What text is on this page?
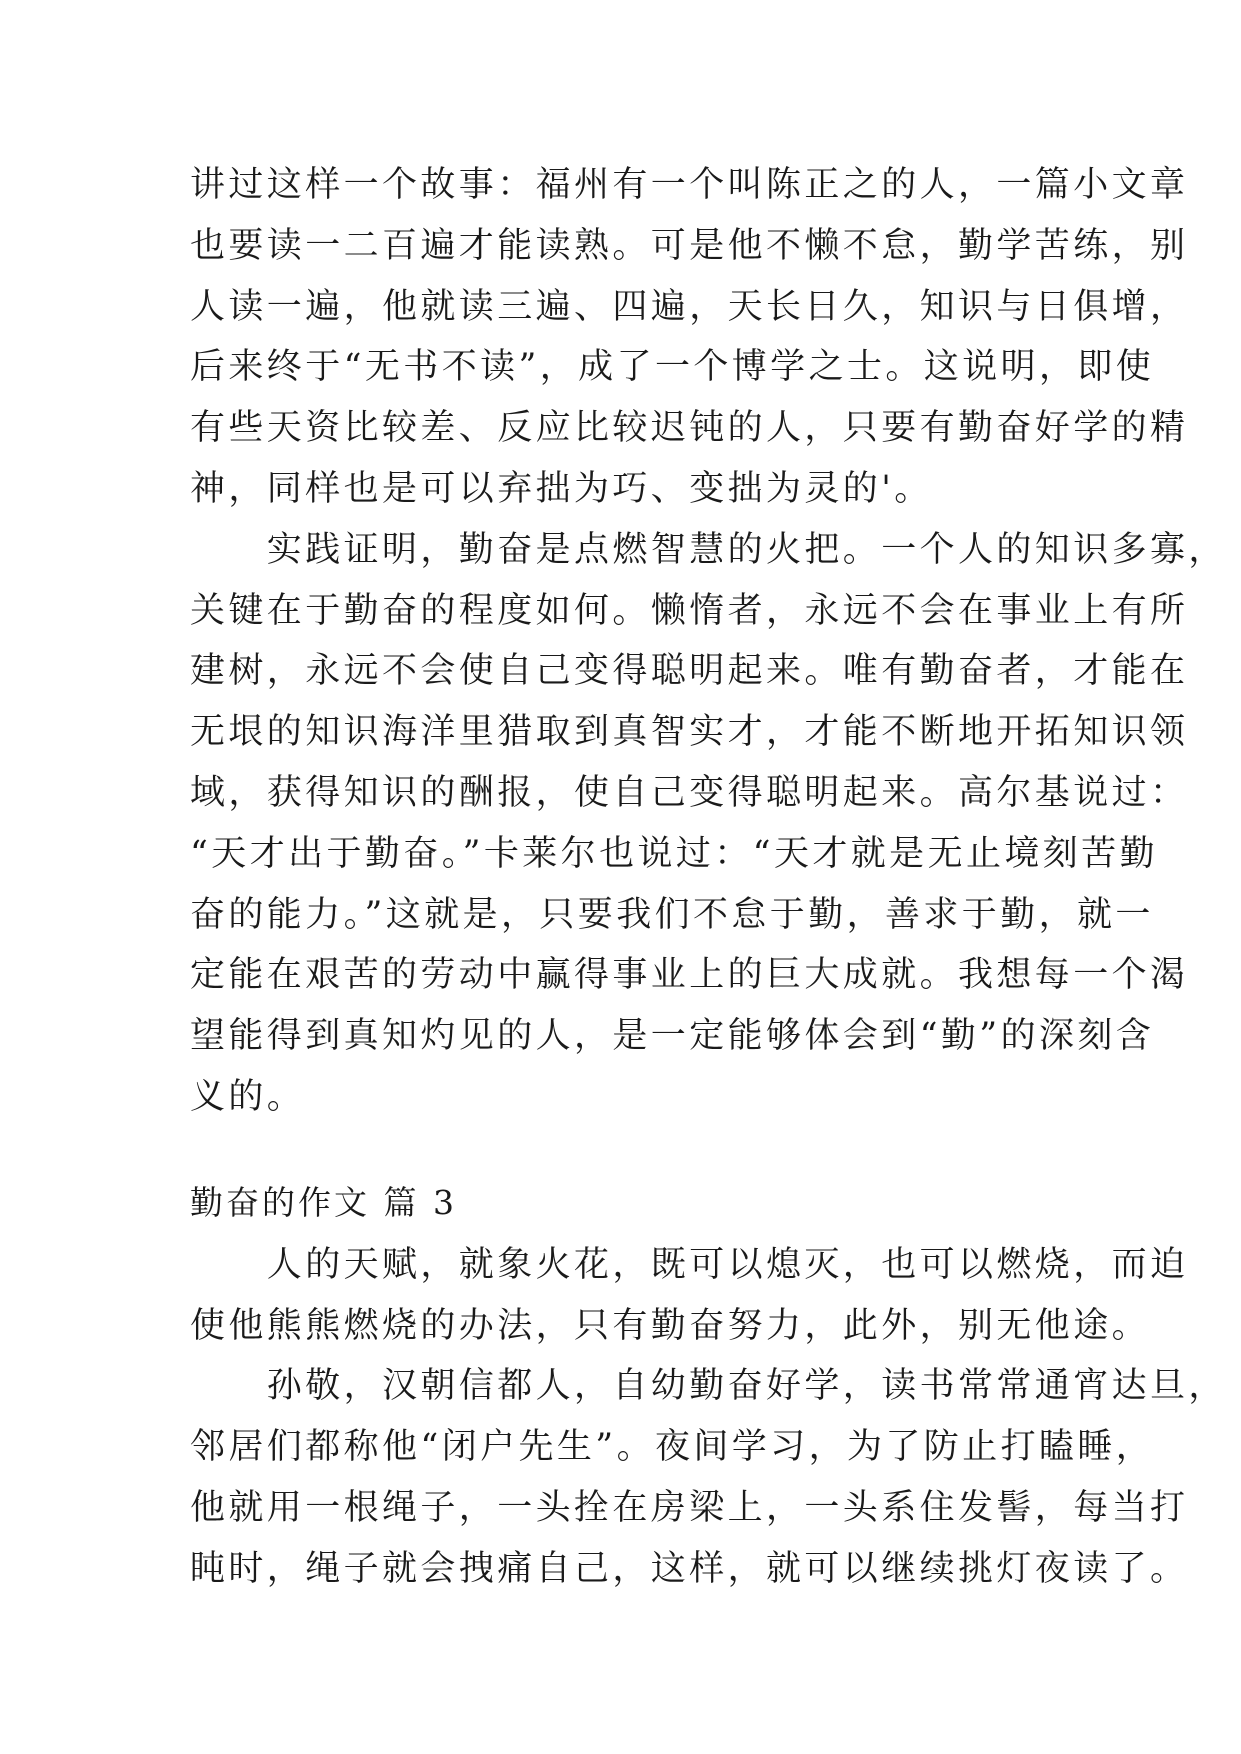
讲过这样一个故事：福州有一个叫陈正之的人，一篇小文章
也要读一二百遍才能读熟。可是他不懒不怠，勤学苦练，别
人读一遍，他就读三遍、四遍，天长日久，知识与日俱增，
后来终于“无书不读”，成了一个博学之士。这说明，即使
有些天资比较差、反应比较迟钝的人，只要有勤奋好学的精
神，同样也是可以弃拙为巧、变拙为灵的'。
　　实践证明，勤奋是点燃智慧的火把。一个人的知识多寡，
关键在于勤奋的程度如何。懒惰者，永远不会在事业上有所
建树，永远不会使自己变得聪明起来。唯有勤奋者，才能在
无垠的知识海洋里猎取到真智实才，才能不断地开拓知识领
域，获得知识的酬报，使自己变得聪明起来。高尔基说过：
“天才出于勤奋。”卡莱尔也说过：“天才就是无止境刻苦勤
奋的能力。”这就是，只要我们不怠于勤，善求于勤，就一
定能在艰苦的劳动中赢得事业上的巨大成就。我想每一个渴
望能得到真知灼见的人，是一定能够体会到“勤”的深刻含
义的。
勤奋的作文 篇 3
　　人的天赋，就象火花，既可以熄灭，也可以燃烧，而迫
使他熊熊燃烧的办法，只有勤奋努力，此外，别无他途。
　　孙敬，汉朝信都人，自幼勤奋好学，读书常常通宵达旦，
邻居们都称他“闭户先生”。夜间学习，为了防止打瞌睡，
他就用一根绳子，一头拴在房梁上，一头系住发髻，每当打
盹时，绳子就会拽痛自己，这样，就可以继续挑灯夜读了。
